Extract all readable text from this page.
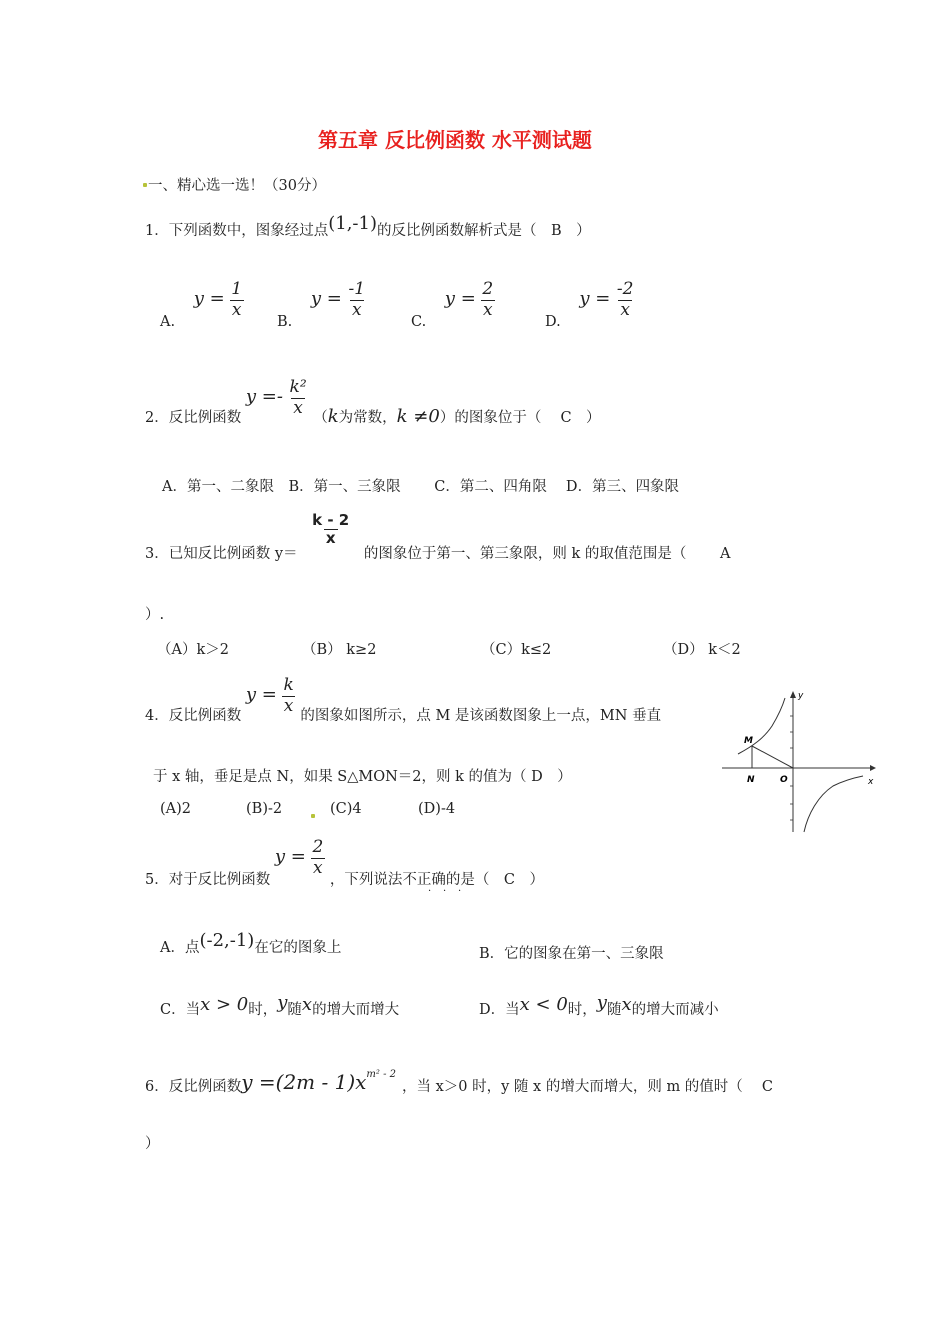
第五章 反比例函数 水平测试题
一、精心选一选！（30分）
1．下列函数中，图象经过点(1,-1)的反比例函数解析式是（　B　）
A. $y = \frac{1}{x}$
B. $y = \frac{-1}{x}$
C. $y = \frac{2}{x}$
D. $y = \frac{-2}{x}$
2．反比例函数 $y =- \frac{\text{k²}}{x} (k$为常数，k ≠0）的图象位于（　 C　）
A．第一、二象限　B．第一、三象限　　 C．第二、四角限　 D．第三、四象限
3．已知反比例函数 y＝
$\frac{k - 2}{x}$
的图象位于第一、第三象限，则 k 的取值范围是（　　 A
）.
（A）k＞2	（B） k≥2	（C）k≤2	（D） k＜2
4．反比例函数 $y = \frac{k}{x}$ 的图象如图所示，点 M 是该函数图象上一点，MN 垂直
于 x 轴，垂足是点 N，如果 S△MON＝2，则 k 的值为（ D　）
(A)2	(B)-2	(C)4	(D)-4
y
x
M
N	O
5．对于反比例函数 $y = \frac{2}{x}$
，下列说法不正确的是（　C　）
· · ·
A．点(-2,-1)在它的图象上	B．它的图象在第一、三象限
C．当x > 0时，y随x的增大而增大	D．当x < 0时，y随x的增大而减小
6．反比例函数$y =(2m - 1)x^{m^2 - 2}$，当 x＞0 时，y 随 x 的增大而增大，则 m 的值时（　 C
）
